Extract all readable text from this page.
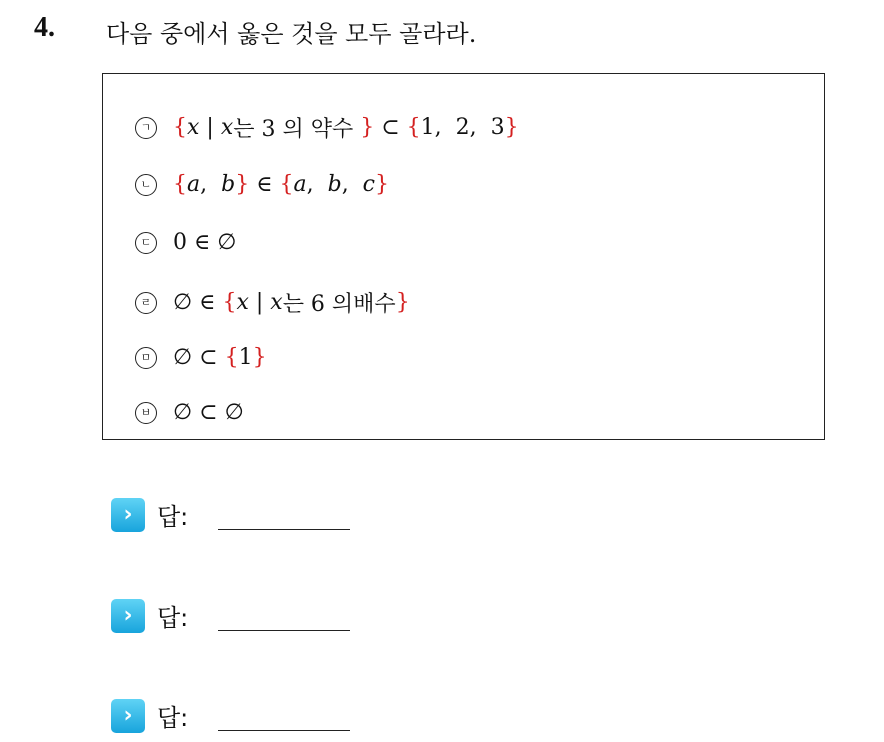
4. 다음 중에서 옳은 것을 모두 골라라.
ㄱ { x | x 는 3 의 약수 } ⊂ { 1,  2,  3 }
ㄴ { a , b } ∈ { a , b , c }
ㄷ 0 ∈ ∅
ㄹ ∅ ∈ { x | x 는 6 의배수 }
ㅁ ∅ ⊂ { 1 }
ㅂ ∅ ⊂ ∅
›	답:
›	답:
›	답:
